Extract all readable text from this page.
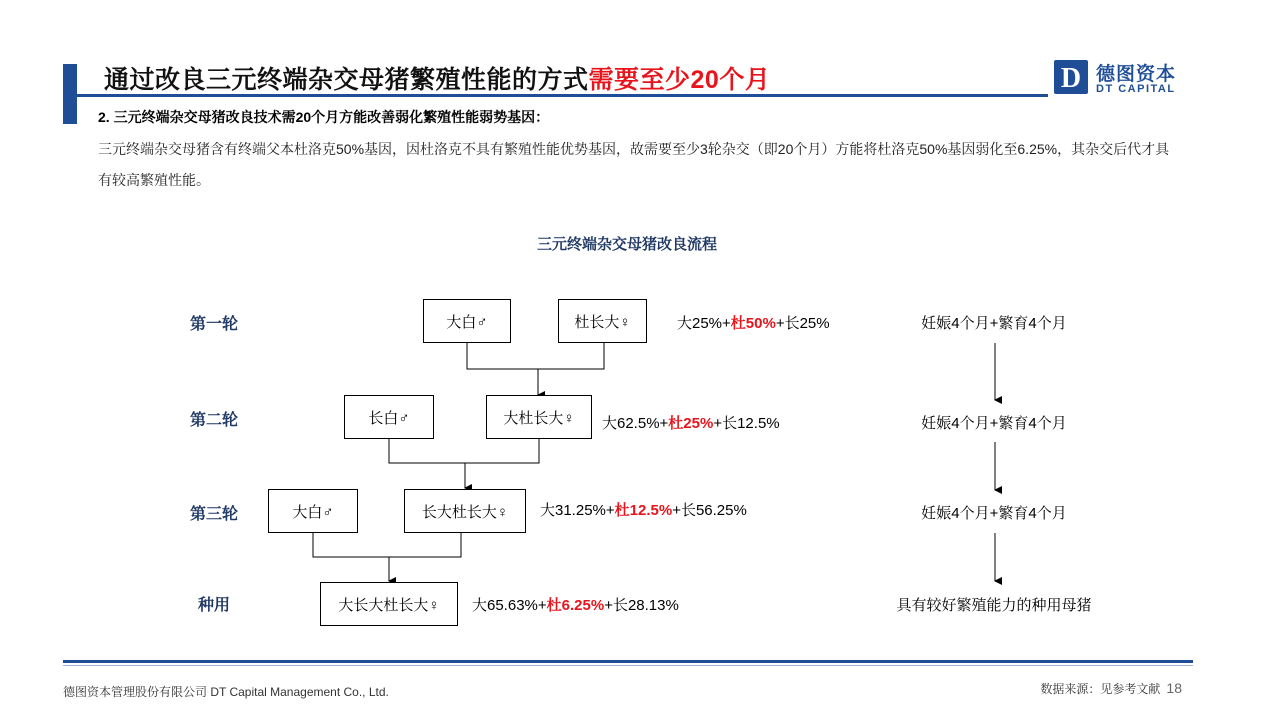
通过改良三元终端杂交母猪繁殖性能的方式需要至少20个月	D 德图资本
DT CAPITAL
2. 三元终端杂交母猪改良技术需20个月方能改善弱化繁殖性能弱势基因：
三元终端杂交母猪含有终端父本杜洛克50%基因，因杜洛克不具有繁殖性能优势基因，故需要至少3轮杂交（即20个月）方能将杜洛克50%基因弱化至6.25%，其杂交后代才具有较高繁殖性能。
三元终端杂交母猪改良流程
第一轮	大白♂	杜长大♀	大25%+杜50%+长25%	妊娠4个月+繁育4个月
第二轮	长白♂	大杜长大♀	大62.5%+杜25%+长12.5%	妊娠4个月+繁育4个月
第三轮	大白♂	长大杜长大♀	大31.25%+杜12.5%+长56.25%	妊娠4个月+繁育4个月
种用	大长大杜长大♀	大65.63%+杜6.25%+长28.13%	具有较好繁殖能力的种用母猪
德图资本管理股份有限公司 DT Capital Management Co., Ltd.	数据来源：见参考文献 18
